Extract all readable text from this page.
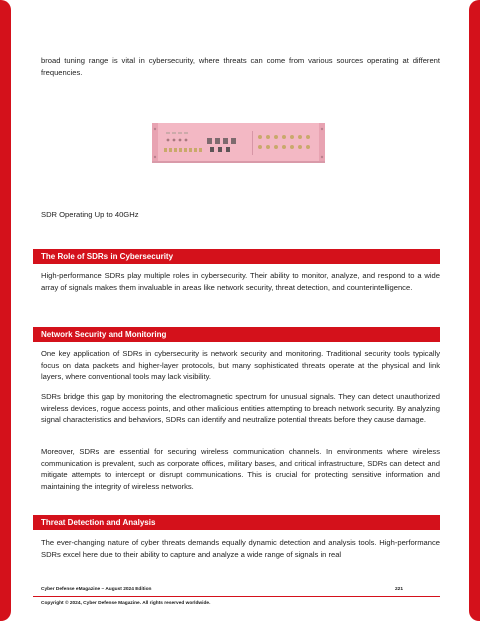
broad tuning range is vital in cybersecurity, where threats can come from various sources operating at different frequencies.

SDR Operating Up to 40GHz
The Role of SDRs in Cybersecurity

High-performance SDRs play multiple roles in cybersecurity. Their ability to monitor, analyze, and respond to a wide array of signals makes them invaluable in areas like network security, threat detection, and counterintelligence.

Network Security and Monitoring

One key application of SDRs in cybersecurity is network security and monitoring. Traditional security tools typically focus on data packets and higher-layer protocols, but many sophisticated threats operate at the physical and link layers, where conventional tools may lack visibility.

SDRs bridge this gap by monitoring the electromagnetic spectrum for unusual signals. They can detect unauthorized wireless devices, rogue access points, and other malicious entities attempting to breach network security. By analyzing signal characteristics and behaviors, SDRs can identify and neutralize potential threats before they cause damage.

Moreover, SDRs are essential for securing wireless communication channels. In environments where wireless communication is prevalent, such as corporate offices, military bases, and critical infrastructure, SDRs can detect and mitigate attempts to intercept or disrupt communications. This is crucial for protecting sensitive information and maintaining the integrity of wireless networks.

Threat Detection and Analysis

The ever-changing nature of cyber threats demands equally dynamic detection and analysis tools. High-performance SDRs excel here due to their ability to capture and analyze a wide range of signals in real

Cyber Defense eMagazine – August 2024 Edition	221
Copyright © 2024, Cyber Defense Magazine. All rights reserved worldwide.
